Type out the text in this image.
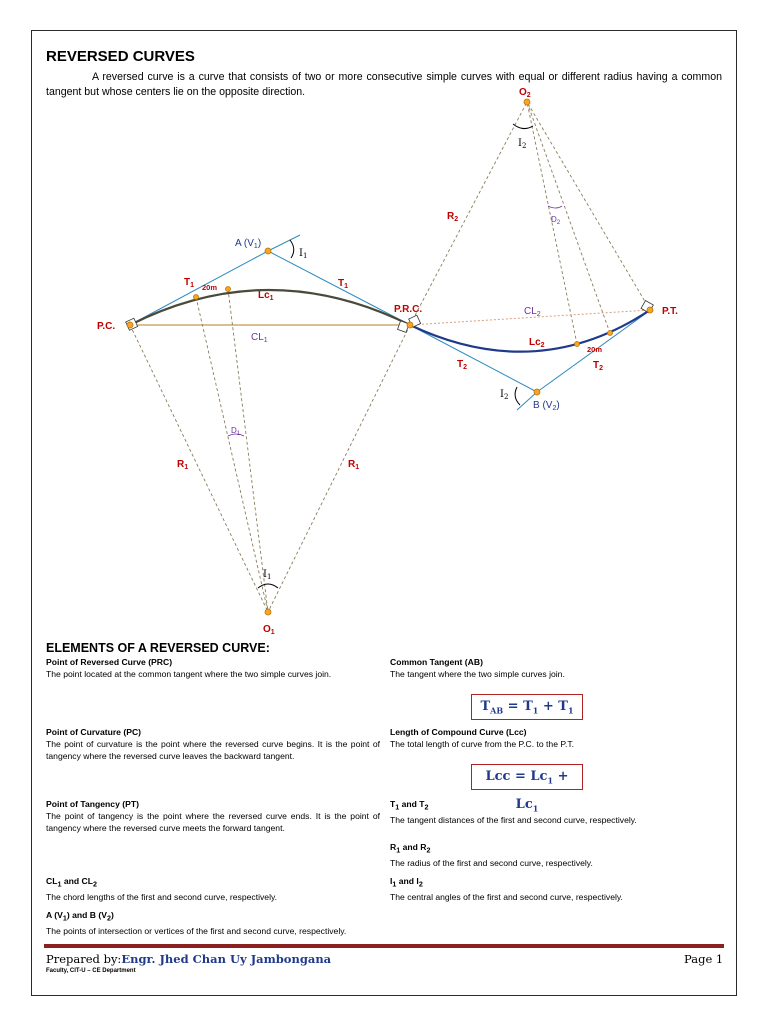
REVERSED CURVES
A reversed curve is a curve that consists of two or more consecutive simple curves with equal or different radius having a common tangent but whose centers lie on the opposite direction.
P.C.
P.R.C.	P.T.
$O_1$
$O_2$
$T_1$	$T_1$
$T_2$	$T_2$
$Lc_1$
$Lc_2$
$R_1$	$R_1$
$R_2$
20m
20m
A $(V_1)$
B $(V_2)$
$CL_1$
$CL_2$
$D_1$
$D_2$
$I_1$
$I_1$
$I_2$
$I_2$
ELEMENTS OF A REVERSED CURVE:
Point of Reversed Curve (PRC)
The point located at the common tangent where the two simple curves join.
Point of Curvature (PC)
The point of curvature is the point where the reversed curve begins. It is the point of tangency where the reversed curve leaves the backward tangent.
Point of Tangency (PT)
The point of tangency is the point where the reversed curve ends. It is the point of tangency where the reversed curve meets the forward tangent.
$CL_1$ and $CL_2$
The chord lengths of the first and second curve, respectively.
A $(V_1)$ and B $(V_2)$
The points of intersection or vertices of the first and second curve, respectively.
Common Tangent (AB)
The tangent where the two simple curves join.
$T_{AB} = T_1 + T_1$
Length of Compound Curve (Lcc)
The total length of curve from the P.C. to the P.T.
Lcc = $Lc_1 + Lc_1$
$T_1$ and $T_2$
The tangent distances of the first and second curve, respectively.
$R_1$ and $R_2$
The radius of the first and second curve, respectively.
$I_1$ and $I_2$
The central angles of the first and second curve, respectively.
Prepared by:Engr. Jhed Chan Uy Jambongana
Faculty, CIT-U – CE Department
Page 1
